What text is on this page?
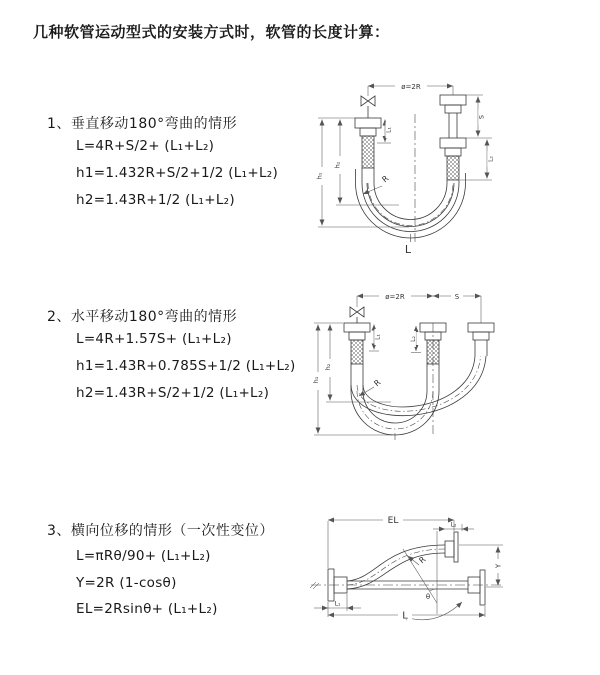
几种软管运动型式的安装方式时，软管的长度计算：
1、垂直移动180°弯曲的情形
L=4R+S/2+ (L₁+L₂)
h1=1.432R+S/2+1/2 (L₁+L₂)
h2=1.43R+1/2 (L₁+L₂)
ø=2R
h₁
h₂
L₁
S
L₂
R
L
2、水平移动180°弯曲的情形
L=4R+1.57S+ (L₁+L₂)
h1=1.43R+0.785S+1/2 (L₁+L₂)
h2=1.43R+S/2+1/2 (L₁+L₂)
ø=2R	S
h₁
h₂
L₁	L₂
R
3、横向位移的情形（一次性变位）
L=πRθ/90+ (L₁+L₂)
Y=2R (1-cosθ)
EL=2Rsinθ+ (L₁+L₂)
EL	L₂
Y
R
θ
L
L₁
